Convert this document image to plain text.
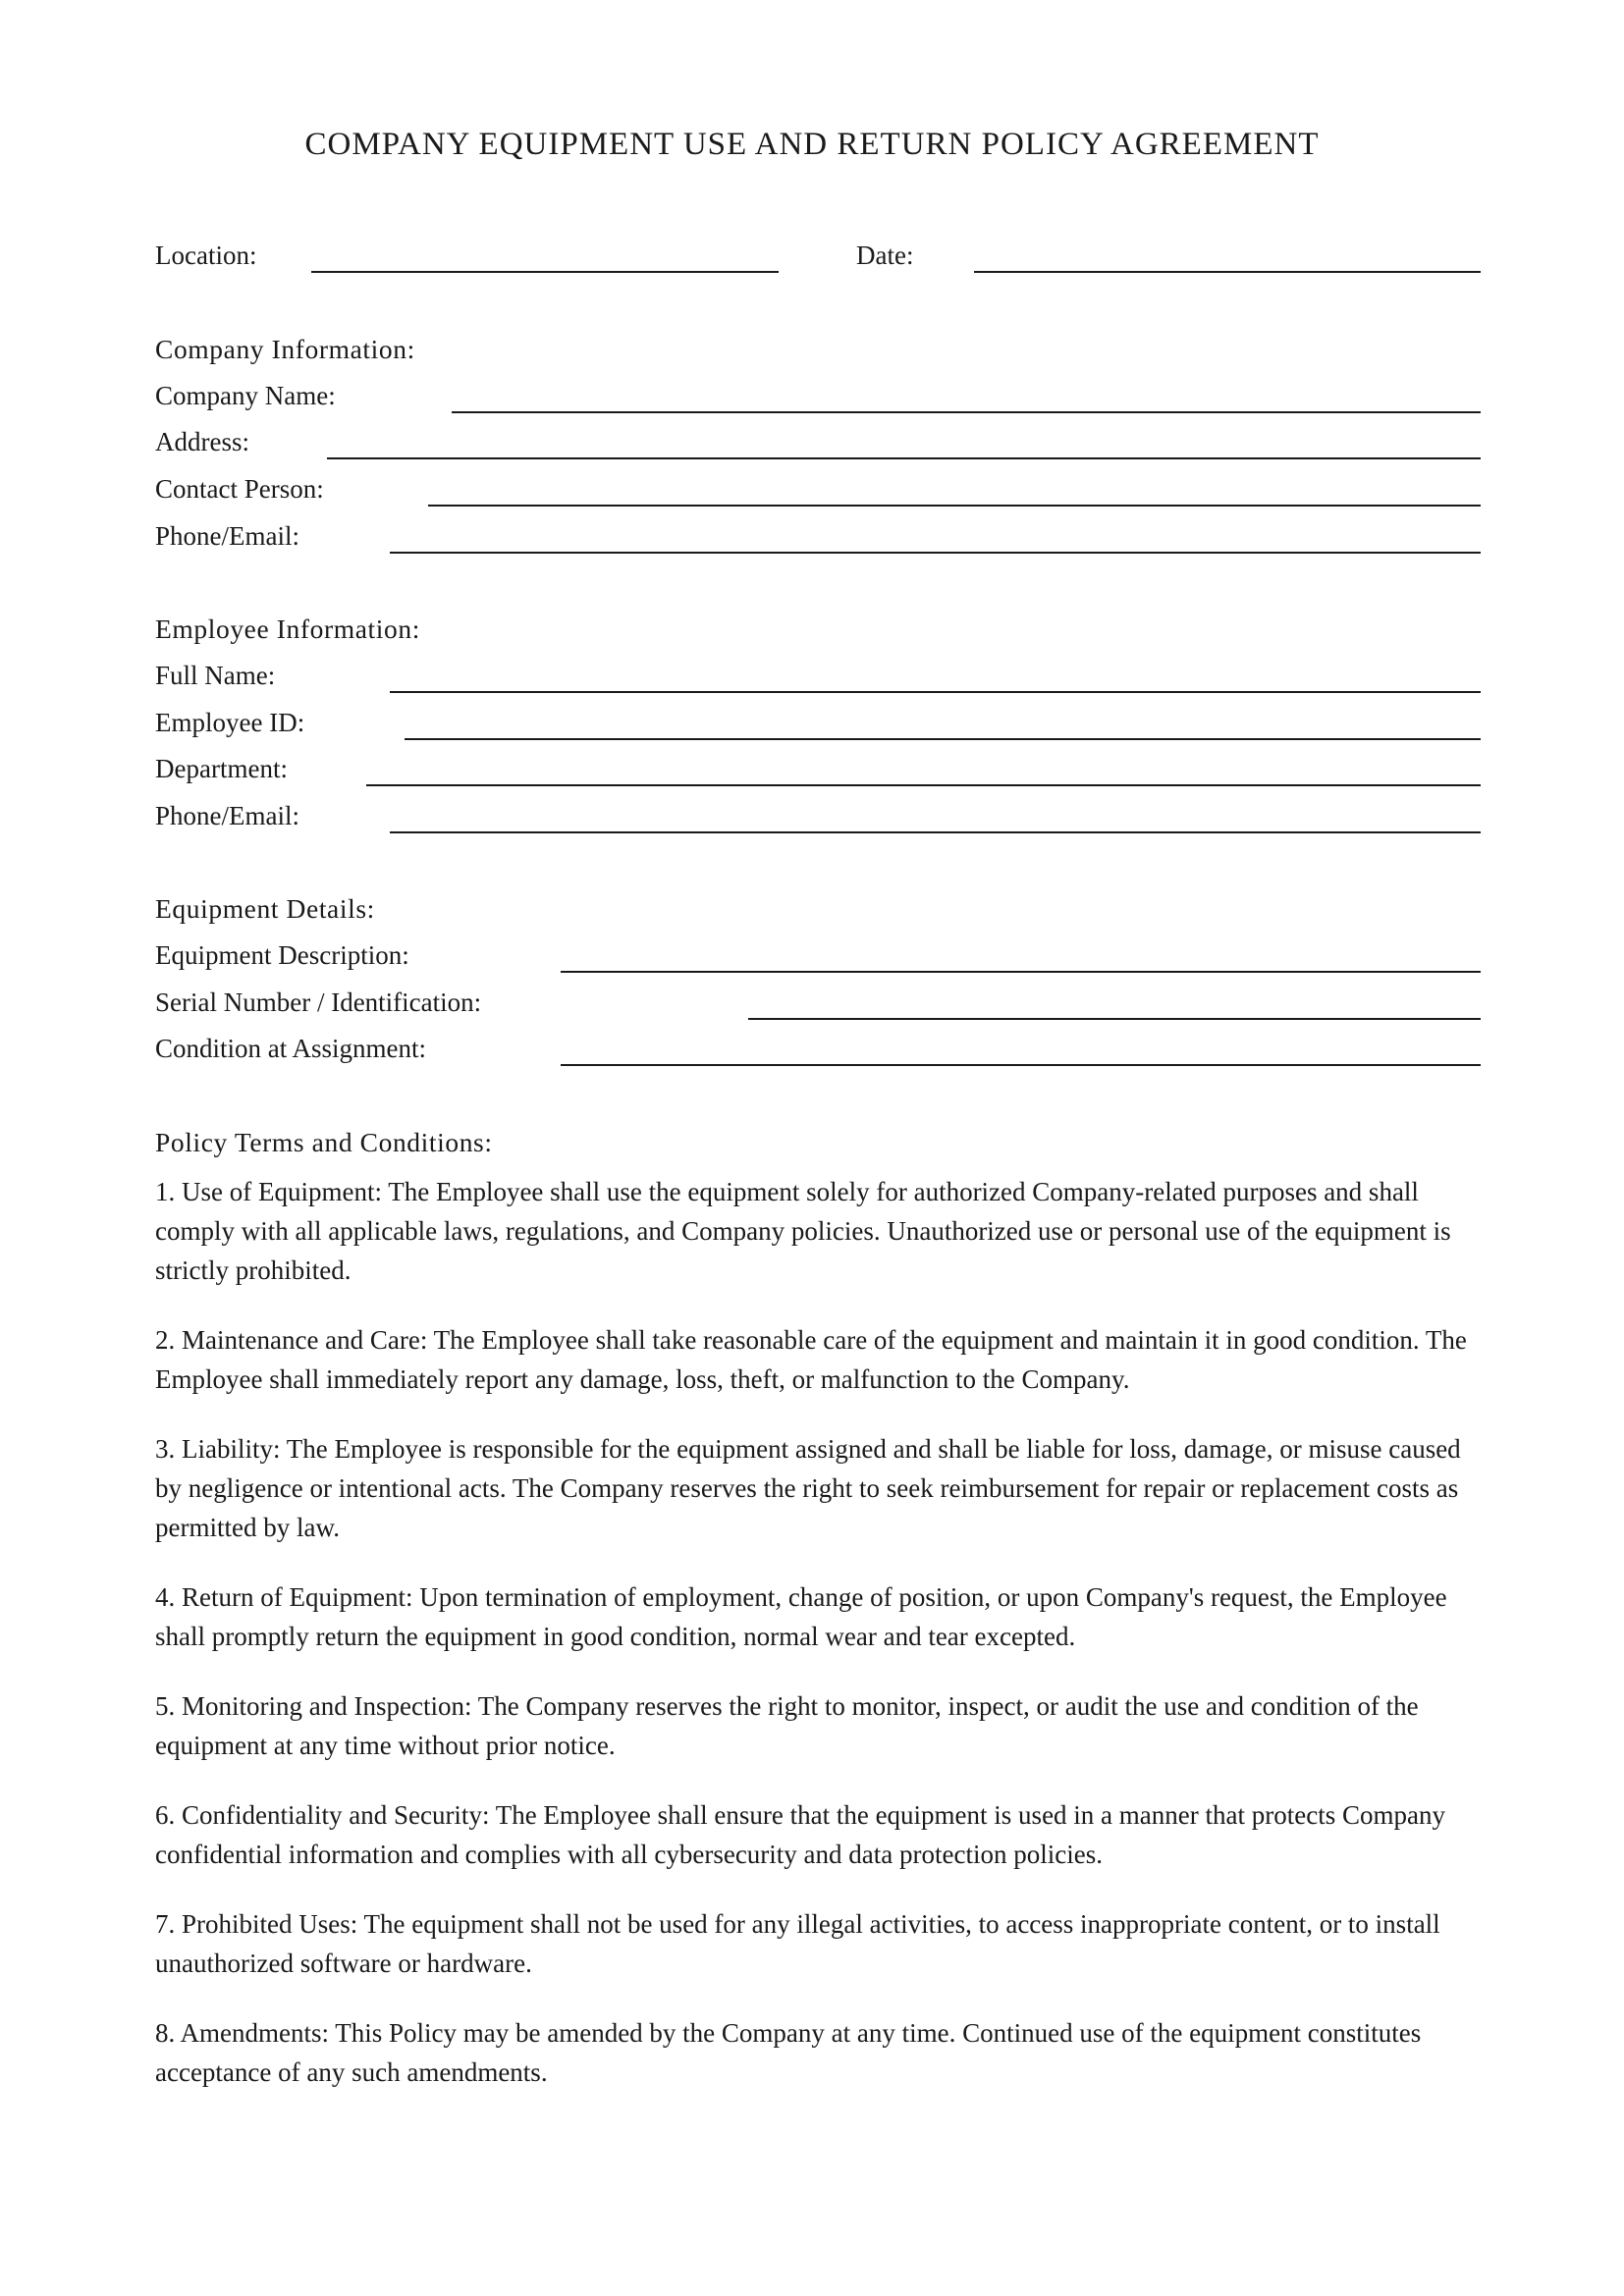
COMPANY EQUIPMENT USE AND RETURN POLICY AGREEMENT
Location:	Date:
Company Information:
Company Name:
Address:
Contact Person:
Phone/Email:
Employee Information:
Full Name:
Employee ID:
Department:
Phone/Email:
Equipment Details:
Equipment Description:
Serial Number / Identification:
Condition at Assignment:
Policy Terms and Conditions:

1. Use of Equipment: The Employee shall use the equipment solely for authorized Company-related purposes and shall comply with all applicable laws, regulations, and Company policies. Unauthorized use or personal use of the equipment is strictly prohibited.

2. Maintenance and Care: The Employee shall take reasonable care of the equipment and maintain it in good condition. The Employee shall immediately report any damage, loss, theft, or malfunction to the Company.

3. Liability: The Employee is responsible for the equipment assigned and shall be liable for loss, damage, or misuse caused by negligence or intentional acts. The Company reserves the right to seek reimbursement for repair or replacement costs as permitted by law.

4. Return of Equipment: Upon termination of employment, change of position, or upon Company's request, the Employee shall promptly return the equipment in good condition, normal wear and tear excepted.

5. Monitoring and Inspection: The Company reserves the right to monitor, inspect, or audit the use and condition of the equipment at any time without prior notice.

6. Confidentiality and Security: The Employee shall ensure that the equipment is used in a manner that protects Company confidential information and complies with all cybersecurity and data protection policies.

7. Prohibited Uses: The equipment shall not be used for any illegal activities, to access inappropriate content, or to install unauthorized software or hardware.

8. Amendments: This Policy may be amended by the Company at any time. Continued use of the equipment constitutes acceptance of any such amendments.
